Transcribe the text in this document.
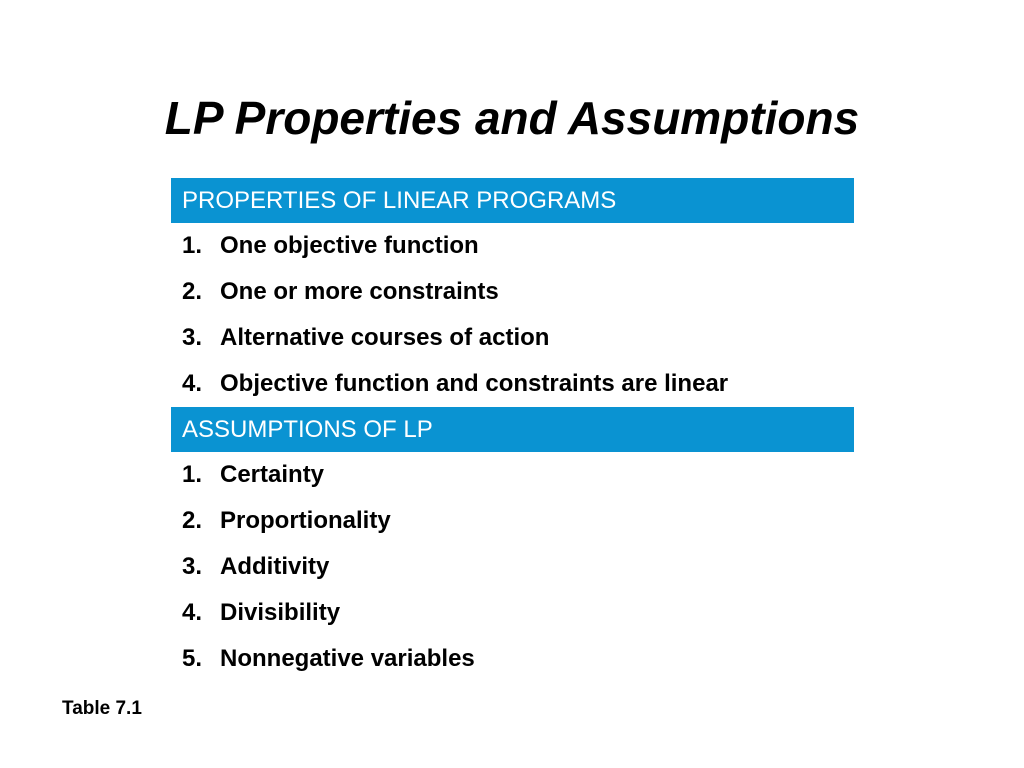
LP Properties and Assumptions
PROPERTIES OF LINEAR PROGRAMS
1. One objective function
2. One or more constraints
3. Alternative courses of action
4. Objective function and constraints are linear
ASSUMPTIONS OF LP
1. Certainty
2. Proportionality
3. Additivity
4. Divisibility
5. Nonnegative variables
Table 7.1
